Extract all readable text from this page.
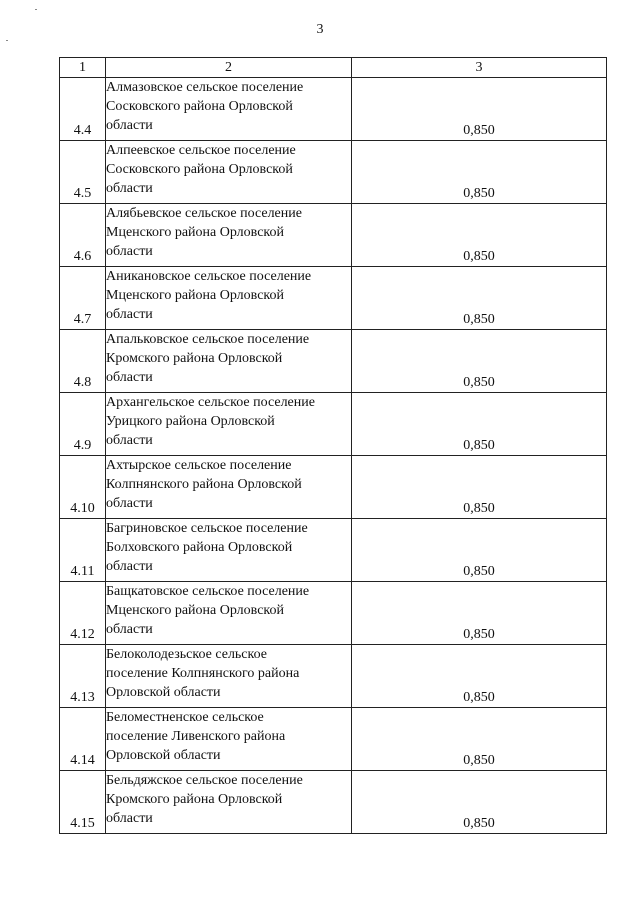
3
1	2	3
4.4	Алмазовское сельское поселение
Сосковского района Орловской
области	0,850
4.5	Алпеевское сельское поселение
Сосковского района Орловской
области	0,850
4.6	Алябьевское сельское поселение
Мценского района Орловской
области	0,850
4.7	Аникановское сельское поселение
Мценского района Орловской
области	0,850
4.8	Апальковское сельское поселение
Кромского района Орловской
области	0,850
4.9	Архангельское сельское поселение
Урицкого района Орловской
области	0,850
4.10	Ахтырское сельское поселение
Колпнянского района Орловской
области	0,850
4.11	Багриновское сельское поселение
Болховского района Орловской
области	0,850
4.12	Бащкатовское сельское поселение
Мценского района Орловской
области	0,850
4.13	Белоколодезьское сельское
поселение Колпнянского района
Орловской области	0,850
4.14	Беломестненское сельское
поселение Ливенского района
Орловской области	0,850
4.15	Бельдяжское сельское поселение
Кромского района Орловской
области	0,850
